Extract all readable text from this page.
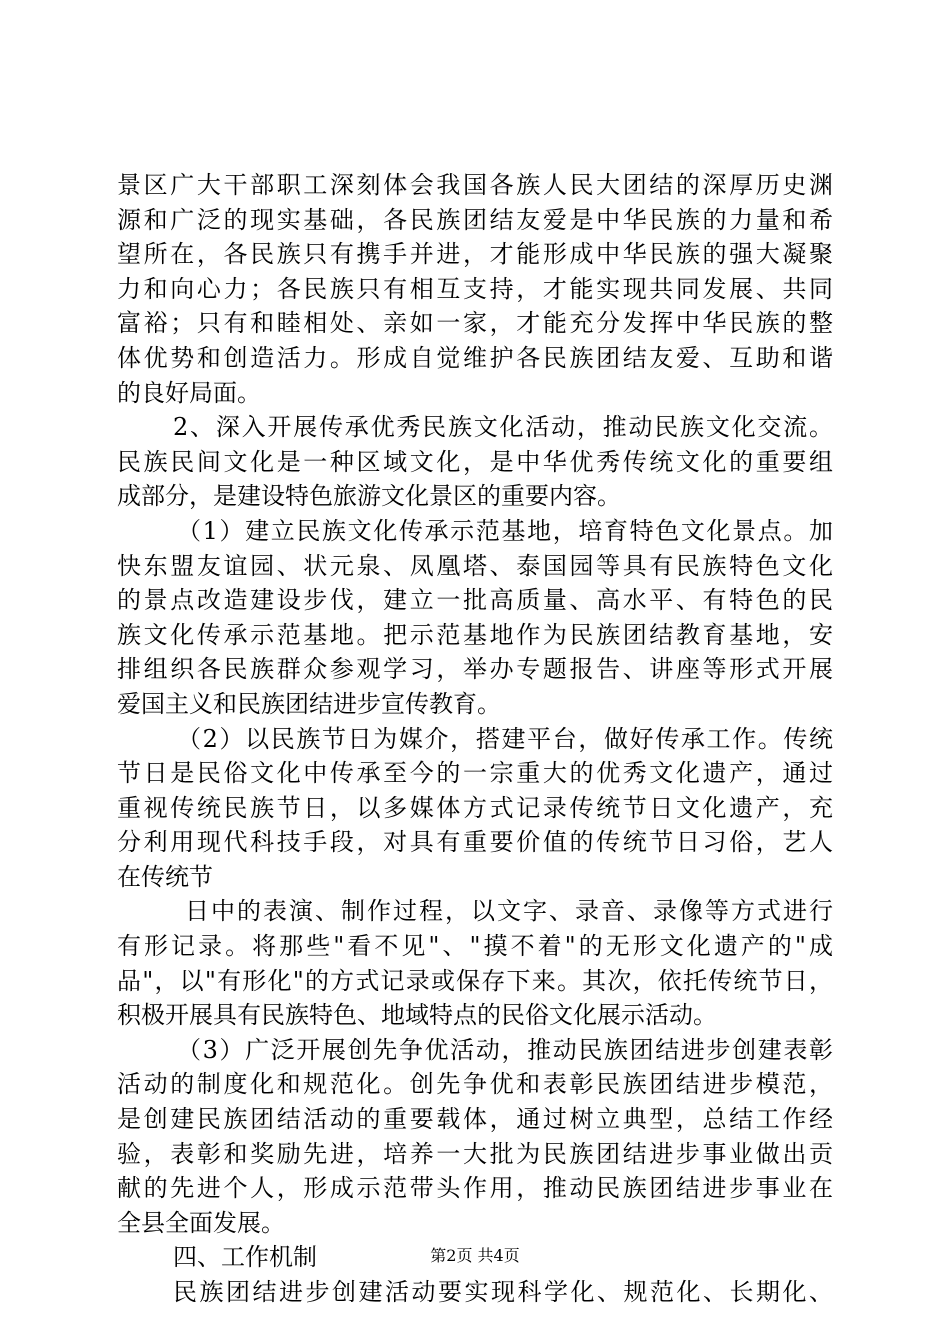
景区广大干部职工深刻体会我国各族人民大团结的深厚历史渊
源和广泛的现实基础，各民族团结友爱是中华民族的力量和希
望所在，各民族只有携手并进，才能形成中华民族的强大凝聚
力和向心力；各民族只有相互支持，才能实现共同发展、共同
富裕；只有和睦相处、亲如一家，才能充分发挥中华民族的整
体优势和创造活力。形成自觉维护各民族团结友爱、互助和谐
的良好局面。
2、深入开展传承优秀民族文化活动，推动民族文化交流。
民族民间文化是一种区域文化，是中华优秀传统文化的重要组
成部分，是建设特色旅游文化景区的重要内容。
（1）建立民族文化传承示范基地，培育特色文化景点。加
快东盟友谊园、状元泉、凤凰塔、泰国园等具有民族特色文化
的景点改造建设步伐，建立一批高质量、高水平、有特色的民
族文化传承示范基地。把示范基地作为民族团结教育基地，安
排组织各民族群众参观学习，举办专题报告、讲座等形式开展
爱国主义和民族团结进步宣传教育。
（2）以民族节日为媒介，搭建平台，做好传承工作。传统
节日是民俗文化中传承至今的一宗重大的优秀文化遗产，通过
重视传统民族节日，以多媒体方式记录传统节日文化遗产，充
分利用现代科技手段，对具有重要价值的传统节日习俗，艺人
在传统节
日中的表演、制作过程，以文字、录音、录像等方式进行
有形记录。将那些"看不见"、"摸不着"的无形文化遗产的"成
品"，以"有形化"的方式记录或保存下来。其次，依托传统节日，
积极开展具有民族特色、地域特点的民俗文化展示活动。
（3）广泛开展创先争优活动，推动民族团结进步创建表彰
活动的制度化和规范化。创先争优和表彰民族团结进步模范，
是创建民族团结活动的重要载体，通过树立典型，总结工作经
验，表彰和奖励先进，培养一大批为民族团结进步事业做出贡
献的先进个人，形成示范带头作用，推动民族团结进步事业在
全县全面发展。
四、工作机制
民族团结进步创建活动要实现科学化、规范化、长期化、
第2页 共4页
